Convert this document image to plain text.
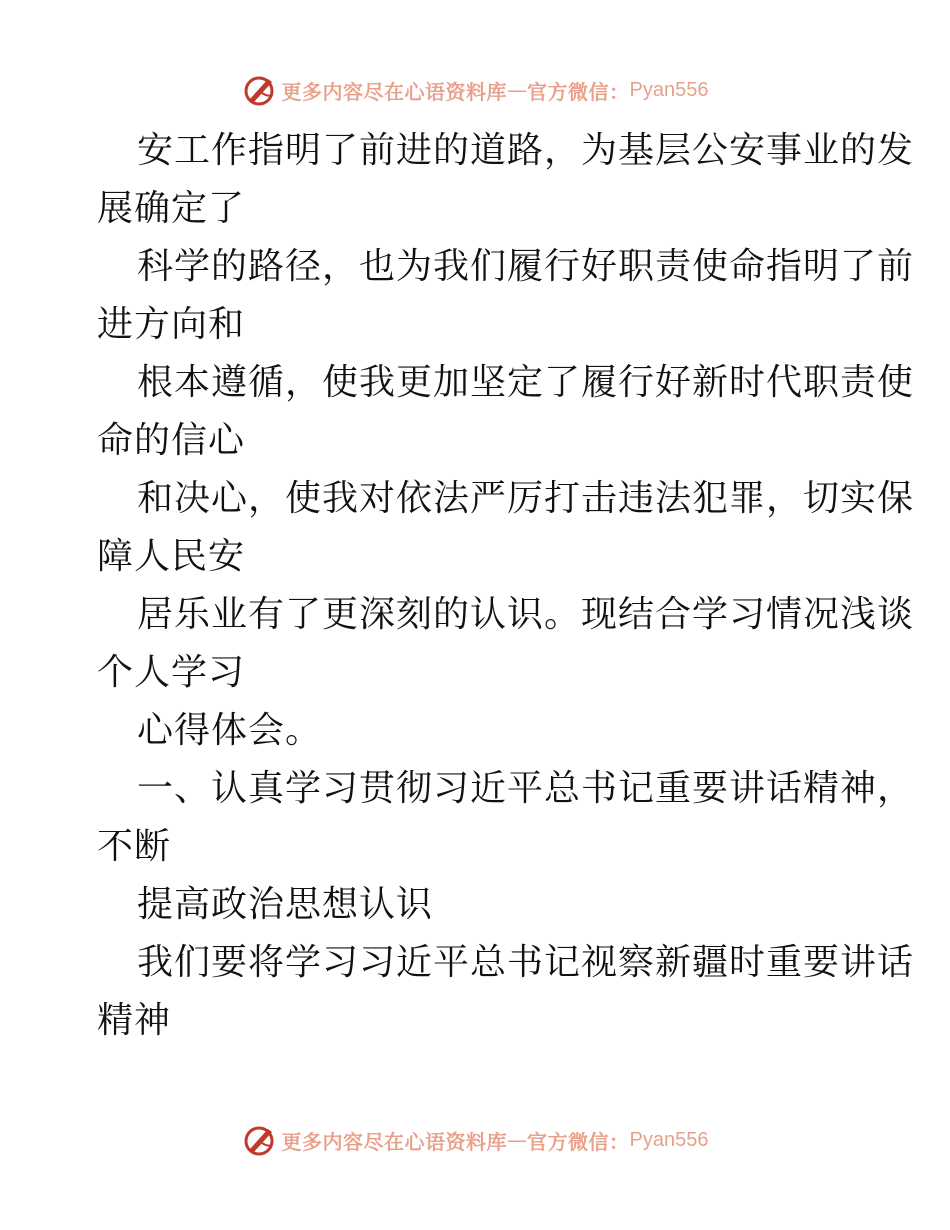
更多内容尽在心语资料库 — 官方微信： Pyan556
安工作指明了前进的道路，为基层公安事业的发
展确定了
科学的路径，也为我们履行好职责使命指明了前
进方向和
根本遵循，使我更加坚定了履行好新时代职责使
命的信心
和决心，使我对依法严厉打击违法犯罪，切实保
障人民安
居乐业有了更深刻的认识。现结合学习情况浅谈
个人学习
心得体会。
一、认真学习贯彻习近平总书记重要讲话精神，
不断
提高政治思想认识
我们要将学习习近平总书记视察新疆时重要讲话
精神
更多内容尽在心语资料库 — 官方微信： Pyan556
